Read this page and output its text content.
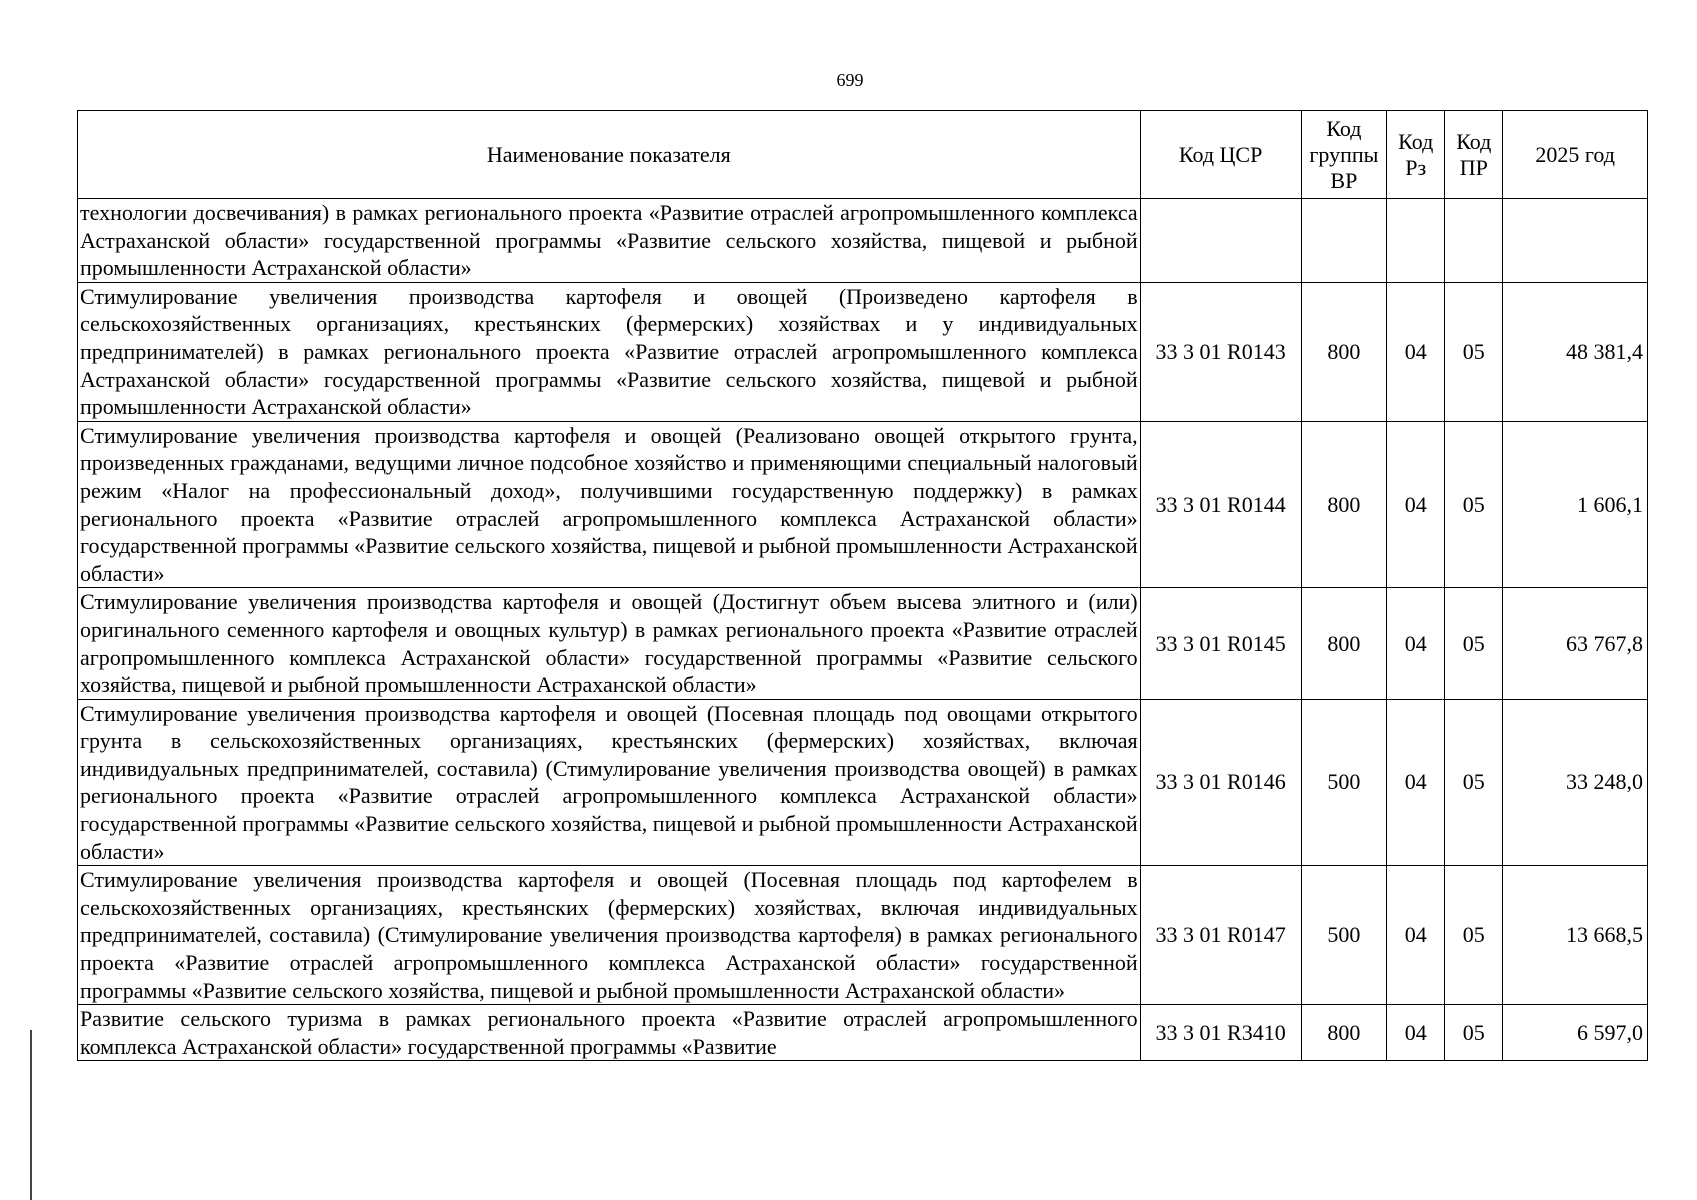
699
Наименование показателя	Код ЦСР	Код группы ВР	Код Рз	Код ПР	2025 год
технологии досвечивания) в рамках регионального проекта «Развитие отраслей агропромышленного комплекса Астраханской области» государственной программы «Развитие сельского хозяйства, пищевой и рыбной промышленности Астраханской области»					
Стимулирование увеличения производства картофеля и овощей (Произведено картофеля в сельскохозяйственных организациях, крестьянских (фермерских) хозяйствах и у индивидуальных предпринимателей) в рамках регионального проекта «Развитие отраслей агропромышленного комплекса Астраханской области» государственной программы «Развитие сельского хозяйства, пищевой и рыбной промышленности Астраханской области»	33 3 01 R0143	800	04	05	48 381,4
Стимулирование увеличения производства картофеля и овощей (Реализовано овощей открытого грунта, произведенных гражданами, ведущими личное подсобное хозяйство и применяющими специальный налоговый режим «Налог на профессиональный доход», получившими государственную поддержку) в рамках регионального проекта «Развитие отраслей агропромышленного комплекса Астраханской области» государственной программы «Развитие сельского хозяйства, пищевой и рыбной промышленности Астраханской области»	33 3 01 R0144	800	04	05	1 606,1
Стимулирование увеличения производства картофеля и овощей (Достигнут объем высева элитного и (или) оригинального семенного картофеля и овощных культур) в рамках регионального проекта «Развитие отраслей агропромышленного комплекса Астраханской области» государственной программы «Развитие сельского хозяйства, пищевой и рыбной промышленности Астраханской области»	33 3 01 R0145	800	04	05	63 767,8
Стимулирование увеличения производства картофеля и овощей (Посевная площадь под овощами открытого грунта в сельскохозяйственных организациях, крестьянских (фермерских) хозяйствах, включая индивидуальных предпринимателей, составила) (Стимулирование увеличения производства овощей) в рамках регионального проекта «Развитие отраслей агропромышленного комплекса Астраханской области» государственной программы «Развитие сельского хозяйства, пищевой и рыбной промышленности Астраханской области»	33 3 01 R0146	500	04	05	33 248,0
Стимулирование увеличения производства картофеля и овощей (Посевная площадь под картофелем в сельскохозяйственных организациях, крестьянских (фермерских) хозяйствах, включая индивидуальных предпринимателей, составила) (Стимулирование увеличения производства картофеля) в рамках регионального проекта «Развитие отраслей агропромышленного комплекса Астраханской области» государственной программы «Развитие сельского хозяйства, пищевой и рыбной промышленности Астраханской области»	33 3 01 R0147	500	04	05	13 668,5
Развитие сельского туризма в рамках регионального проекта «Развитие отраслей агропромышленного комплекса Астраханской области» государственной программы «Развитие	33 3 01 R3410	800	04	05	6 597,0
